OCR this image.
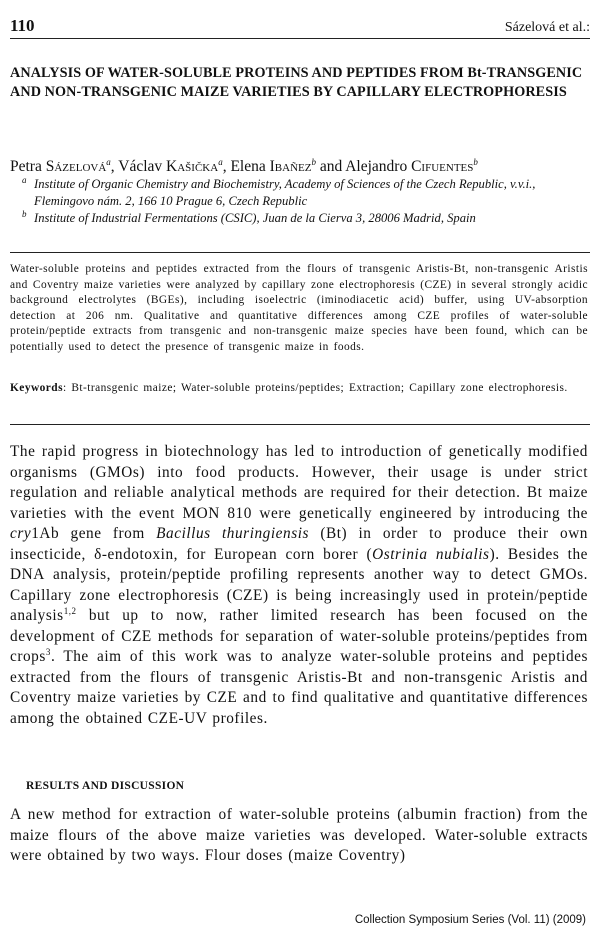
110	Sázelová et al.:
ANALYSIS OF WATER-SOLUBLE PROTEINS AND PEPTIDES FROM Bt-TRANSGENIC AND NON-TRANSGENIC MAIZE VARIETIES BY CAPILLARY ELECTROPHORESIS
Petra Sázelová$^a$, Václav Kašička$^a$, Elena Ibañez$^b$ and Alejandro Cifuentes$^b$
a Institute of Organic Chemistry and Biochemistry, Academy of Sciences of the Czech Republic, v.v.i., Flemingovo nám. 2, 166 10 Prague 6, Czech Republic
b Institute of Industrial Fermentations (CSIC), Juan de la Cierva 3, 28006 Madrid, Spain
Water-soluble proteins and peptides extracted from the flours of transgenic Aristis-Bt, non-transgenic Aristis and Coventry maize varieties were analyzed by capillary zone electrophoresis (CZE) in several strongly acidic background electrolytes (BGEs), including isoelectric (iminodiacetic acid) buffer, using UV-absorption detection at 206 nm. Qualitative and quantitative differences among CZE profiles of water-soluble protein/peptide extracts from transgenic and non-transgenic maize species have been found, which can be potentially used to detect the presence of transgenic maize in foods.
Keywords: Bt-transgenic maize; Water-soluble proteins/peptides; Extraction; Capillary zone electrophoresis.
The rapid progress in biotechnology has led to introduction of genetically modified organisms (GMOs) into food products. However, their usage is under strict regulation and reliable analytical methods are required for their detection. Bt maize varieties with the event MON 810 were genetically engineered by introducing the cry1Ab gene from Bacillus thuringiensis (Bt) in order to produce their own insecticide, δ-endotoxin, for European corn borer (Ostrinia nubialis). Besides the DNA analysis, protein/peptide profiling represents another way to detect GMOs. Capillary zone electrophoresis (CZE) is being increasingly used in protein/peptide analysis$^{1,2}$ but up to now, rather limited research has been focused on the development of CZE methods for separation of water-soluble proteins/peptides from crops$^3$. The aim of this work was to analyze water-soluble proteins and peptides extracted from the flours of transgenic Aristis-Bt and non-transgenic Aristis and Coventry maize varieties by CZE and to find qualitative and quantitative differences among the obtained CZE-UV profiles.
RESULTS AND DISCUSSION
A new method for extraction of water-soluble proteins (albumin fraction) from the maize flours of the above maize varieties was developed. Water-soluble extracts were obtained by two ways. Flour doses (maize Coventry)
Collection Symposium Series (Vol. 11) (2009)
